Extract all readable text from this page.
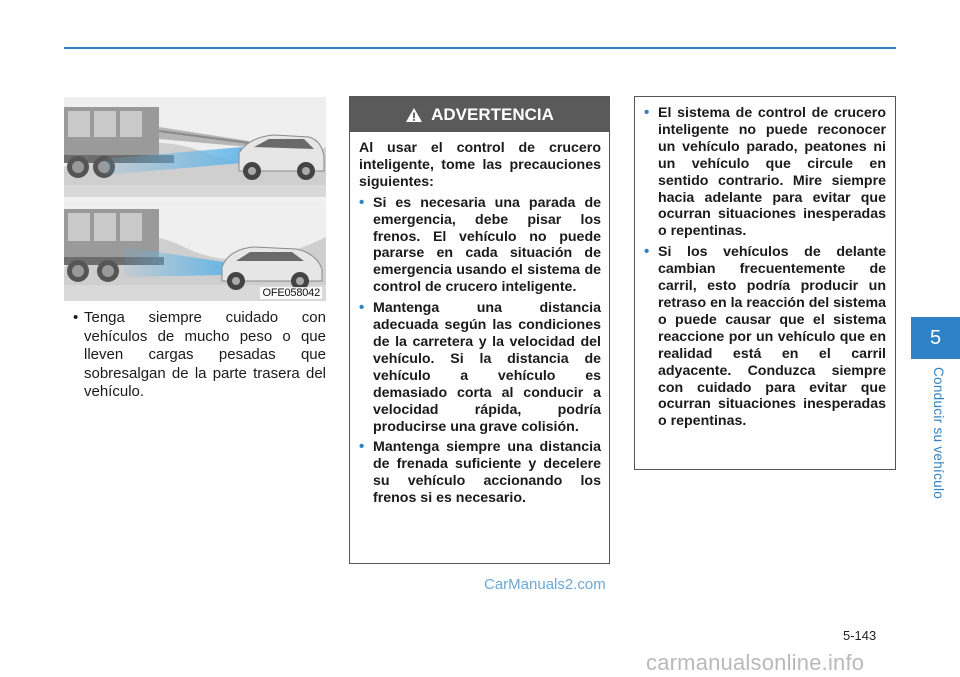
OFE058042
• Tenga siempre cuidado con vehículos de mucho peso o que lleven cargas pesadas que sobresalgan de la parte trasera del vehículo.
ADVERTENCIA

Al usar el control de crucero inteligente, tome las precauciones siguientes:

• Si es necesaria una parada de emergencia, debe pisar los frenos. El vehículo no puede pararse en cada situación de emergencia usando el sistema de control de crucero inteligente.
• Mantenga una distancia adecuada según las condiciones de la carretera y la velocidad del vehículo. Si la distancia de vehículo a vehículo es demasiado corta al conducir a velocidad rápida, podría producirse una grave colisión.
• Mantenga siempre una distancia de frenada suficiente y decelere su vehículo accionando los frenos si es necesario.
• El sistema de control de crucero inteligente no puede reconocer un vehículo parado, peatones ni un vehículo que circule en sentido contrario. Mire siempre hacia adelante para evitar que ocurran situaciones inesperadas o repentinas.
• Si los vehículos de delante cambian frecuentemente de carril, esto podría producir un retraso en la reacción del sistema o puede causar que el sistema reaccione por un vehículo que en realidad está en el carril adyacente. Conduzca siempre con cuidado para evitar que ocurran situaciones inesperadas o repentinas.
5
Conducir su vehículo
CarManuals2.com
5-143
carmanualsonline.info
